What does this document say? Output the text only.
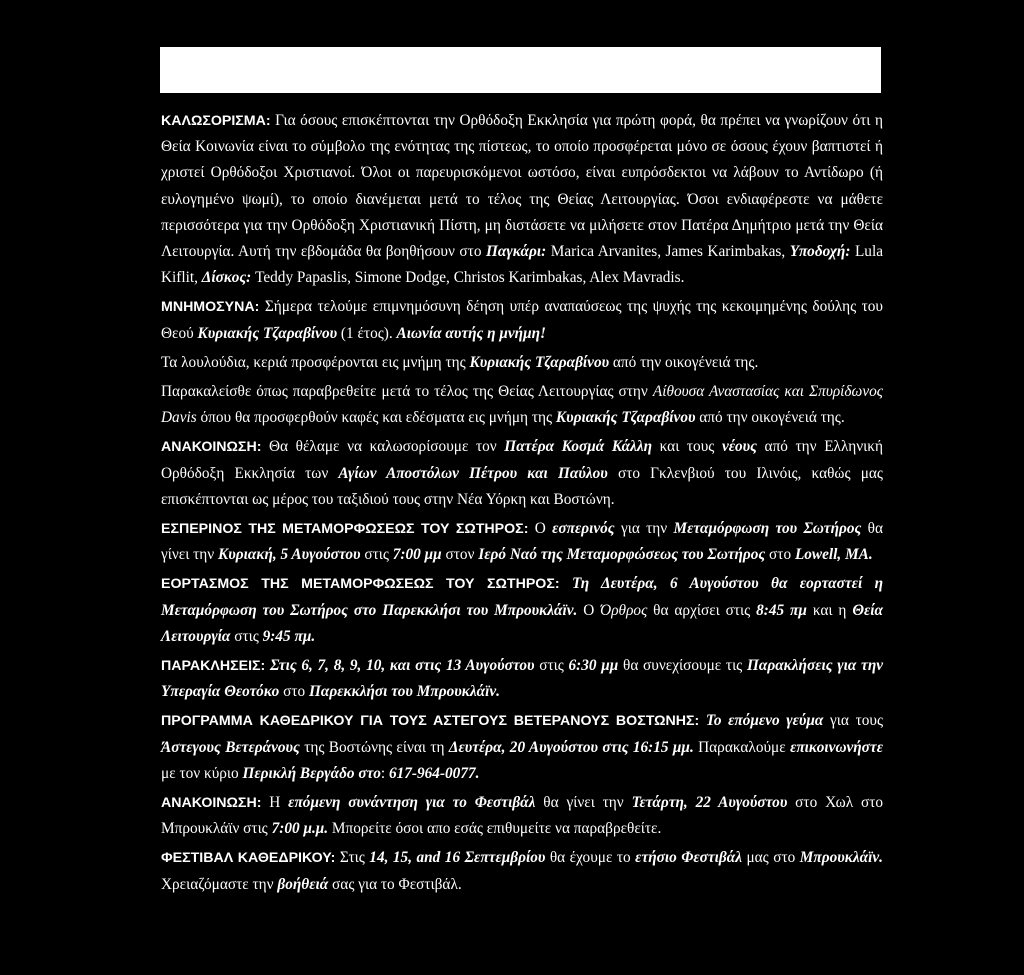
ΚΑΛΩΣΟΡΙΣΜΑ: Για όσους επισκέπτονται την Ορθόδοξη Εκκλησία για πρώτη φορά, θα πρέπει να γνωρίζουν ότι η Θεία Κοινωνία είναι το σύμβολο της ενότητας της πίστεως, το οποίο προσφέρεται μόνο σε όσους έχουν βαπτιστεί ή χριστεί Ορθόδοξοι Χριστιανοί. Όλοι οι παρευρισκόμενοι ωστόσο, είναι ευπρόσδεκτοι να λάβουν το Αντίδωρο (ή ευλογημένο ψωμί), το οποίο διανέμεται μετά το τέλος της Θείας Λειτουργίας. Όσοι ενδιαφέρεστε να μάθετε περισσότερα για την Ορθόδοξη Χριστιανική Πίστη, μη διστάσετε να μιλήσετε στον Πατέρα Δημήτριο μετά την Θεία Λειτουργία. Αυτή την εβδομάδα θα βοηθήσουν στο Παγκάρι: Marica Arvanites, James Karimbakas, Υποδοχή: Lula Kiflit, Δίσκος: Teddy Papaslis, Simone Dodge, Christos Karimbakas, Alex Mavradis.

ΜΝΗΜΟΣΥΝΑ: Σήμερα τελούμε επιμνημόσυνη δέηση υπέρ αναπαύσεως της ψυχής της κεκοιμημένης δούλης του Θεού Κυριακής Τζαραβίνου (1 έτος). Αιωνία αυτής η μνήμη!

Τα λουλούδια, κεριά προσφέρονται εις μνήμη της Κυριακής Τζαραβίνου από την οικογένειά της.

Παρακαλείσθε όπως παραβρεθείτε μετά το τέλος της Θείας Λειτουργίας στην Αίθουσα Αναστασίας και Σπυρίδωνος Davis όπου θα προσφερθούν καφές και εδέσματα εις μνήμη της Κυριακής Τζαραβίνου από την οικογένειά της.

ΑΝΑΚΟΙΝΩΣΗ: Θα θέλαμε να καλωσορίσουμε τον Πατέρα Κοσμά Κάλλη και τους νέους από την Ελληνική Ορθόδοξη Εκκλησία των Αγίων Αποστόλων Πέτρου και Παύλου στο Γκλενβιού του Ιλινόις, καθώς μας επισκέπτονται ως μέρος του ταξιδιού τους στην Νέα Υόρκη και Βοστώνη.

ΕΣΠΕΡΙΝΟΣ ΤΗΣ ΜΕΤΑΜΟΡΦΩΣΕΩΣ ΤΟΥ ΣΩΤΗΡΟΣ: Ο εσπερινός για την Μεταμόρφωση του Σωτήρος θα γίνει την Κυριακή, 5 Αυγούστου στις 7:00 μμ στον Ιερό Ναό της Μεταμορφώσεως του Σωτήρος στο Lowell, MA.

ΕΟΡΤΑΣΜΟΣ ΤΗΣ ΜΕΤΑΜΟΡΦΩΣΕΩΣ ΤΟΥ ΣΩΤΗΡΟΣ: Τη Δευτέρα, 6 Αυγούστου θα εορταστεί η Μεταμόρφωση του Σωτήρος στο Παρεκκλήσι του Μπρουκλάϊν. Ο Όρθρος θα αρχίσει στις 8:45 πμ και η Θεία Λειτουργία στις 9:45 πμ.

ΠΑΡΑΚΛΗΣΕΙΣ: Στις 6, 7, 8, 9, 10, και στις 13 Αυγούστου στις 6:30 μμ θα συνεχίσουμε τις Παρακλήσεις για την Υπεραγία Θεοτόκο στο Παρεκκλήσι του Μπρουκλάϊν.

ΠΡΟΓΡΑΜΜΑ ΚΑΘΕΔΡΙΚΟΥ ΓΙΑ ΤΟΥΣ ΑΣΤΕΓΟΥΣ ΒΕΤΕΡΑΝΟΥΣ ΒΟΣΤΩΝΗΣ: Το επόμενο γεύμα για τους Άστεγους Βετεράνους της Βοστώνης είναι τη Δευτέρα, 20 Αυγούστου στις 16:15 μμ. Παρακαλούμε επικοινωνήστε με τον κύριο Περικλή Βεργάδο στο: 617-964-0077.

ΑΝΑΚΟΙΝΩΣΗ: Η επόμενη συνάντηση για το Φεστιβάλ θα γίνει την Τετάρτη, 22 Αυγούστου στο Χωλ στο Μπρουκλάϊν στις 7:00 μ.μ. Μπορείτε όσοι απο εσάς επιθυμείτε να παραβρεθείτε.

ΦΕΣΤΙΒΑΛ ΚΑΘΕΔΡΙΚΟΥ: Στις 14, 15, and 16 Σεπτεμβρίου θα έχουμε το ετήσιο Φεστιβάλ μας στο Μπρουκλάϊν. Χρειαζόμαστε την βοήθειά σας για το Φεστιβάλ.
